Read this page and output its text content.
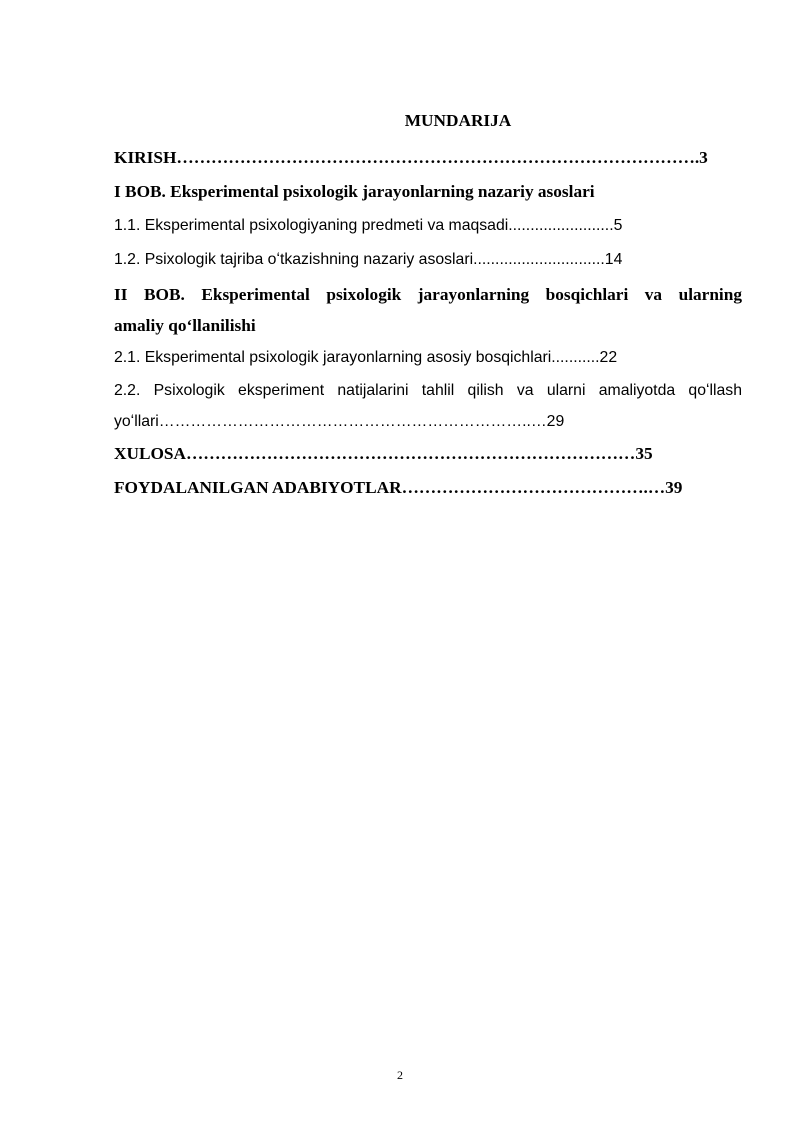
MUNDARIJA
KIRISH……………………………………………………………………………….3
I BOB. Eksperimental psixologik jarayonlarning nazariy asoslari
1.1. Eksperimental psixologiyaning predmeti va maqsadi........................5
1.2. Psixologik tajriba oʻtkazishning nazariy asoslari..............................14
II BOB. Eksperimental psixologik jarayonlarning bosqichlari va ularning
amaliy qoʻllanilishi
2.1. Eksperimental psixologik jarayonlarning asosiy bosqichlari...........22
2.2. Psixologik eksperiment natijalarini tahlil qilish va ularni amaliyotda qoʻllash
yoʻllari……………………………………………………………..…29
XULOSA……………………………………………………………………35
FOYDALANILGAN ADABIYOTLAR…………………………………….…39
2
